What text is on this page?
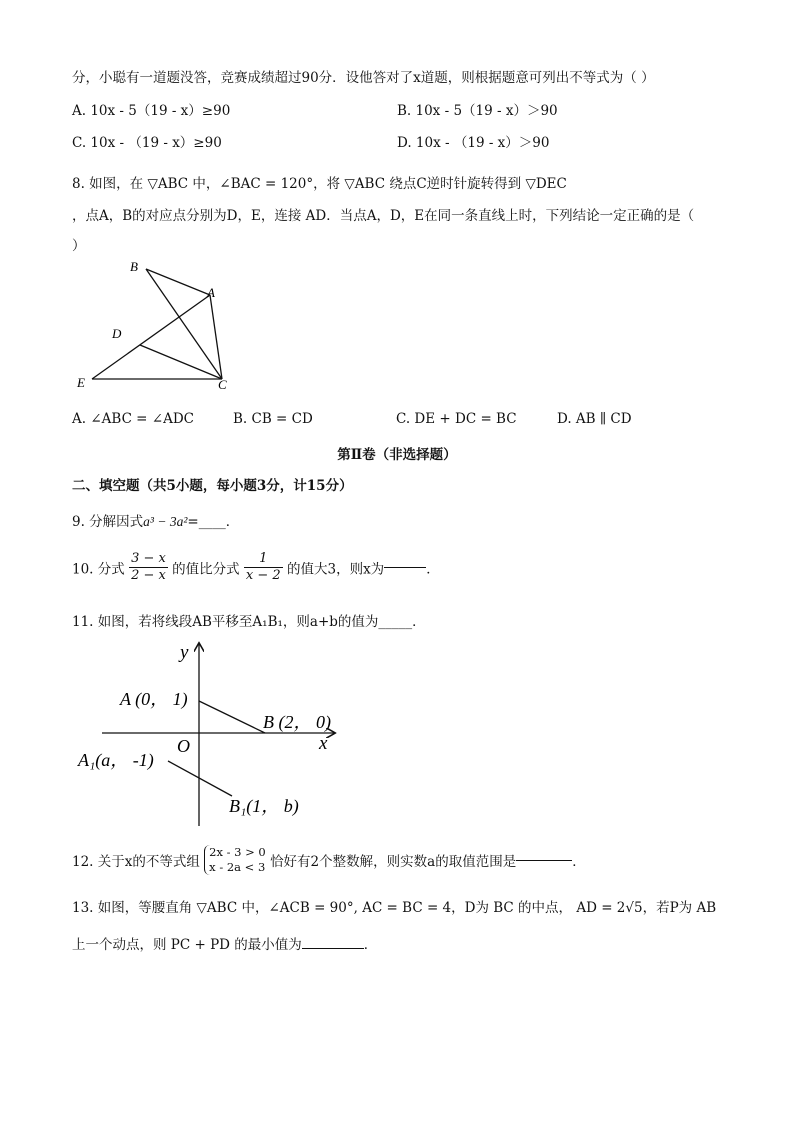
分，小聪有一道题没答，竞赛成绩超过90分．设他答对了x道题，则根据题意可列出不等式为（ ）
A. 10x - 5（19 - x）≥90	B. 10x - 5（19 - x）＞90
C. 10x - （19 - x）≥90	D. 10x - （19 - x）＞90
8. 如图，在 ▽ABC 中，∠BAC = 120°，将 ▽ABC 绕点C逆时针旋转得到 ▽DEC
，点A，B的对应点分别为D，E，连接 AD．当点A，D，E在同一条直线上时，下列结论一定正确的是（
）
B
A
D
E	C
A. ∠ABC = ∠ADC	B. CB = CD	C. DE + DC = BC	D. AB ∥ CD
第Ⅱ卷（非选择题）
二、填空题（共5小题，每小题3分，计15分）
9. 分解因式a³ − 3a²=____．
10. 分式 $\frac{3 - x}{2 - x}$ 的值比分式 $\frac{1}{x - 2}$ 的值大3，则x为	．
11. 如图，若将线段AB平移至A₁B₁，则a+b的值为_____．
y
x
O
A (0， 1)
B (2， 0)
A₁(a， -1)
B₁(1， b)
12. 关于x的不等式组
2x - 3 > 0
x - 2a < 3 恰好有2个整数解，则实数a的取值范围是	．
13. 如图，等腰直角 ▽ABC 中，∠ACB = 90°, AC = BC = 4，D为 BC 的中点， AD = 2√5，若P为 AB
上一个动点，则 PC + PD 的最小值为	．
